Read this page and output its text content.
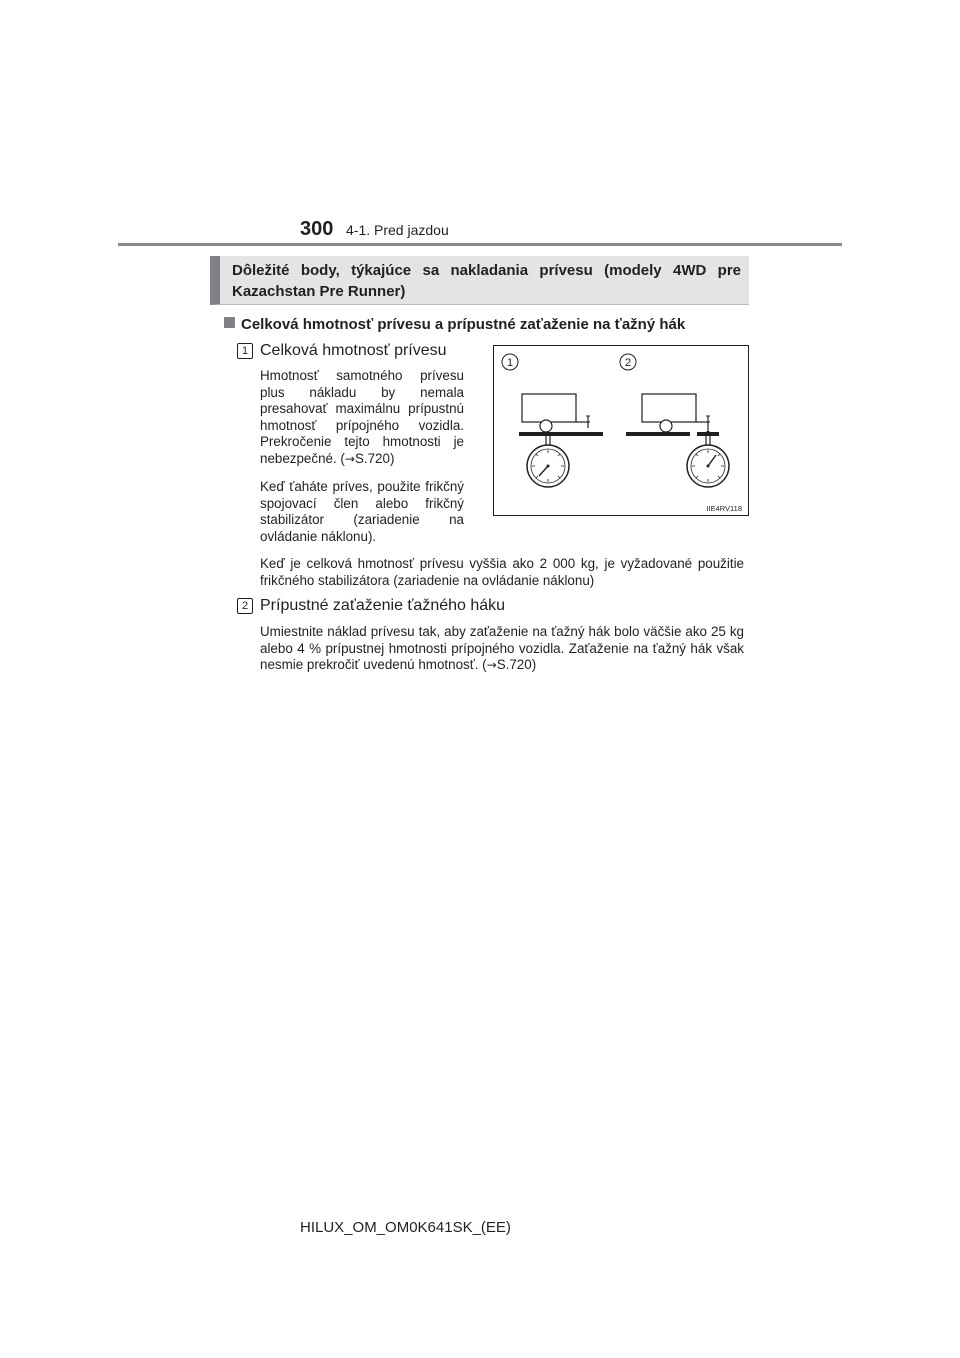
300 4-1. Pred jazdou
Dôležité body, týkajúce sa nakladania prívesu (modely 4WD pre Kazachstan Pre Runner)
Celková hmotnosť prívesu a prípustné zaťaženie na ťažný hák
1 Celková hmotnosť prívesu
Hmotnosť samotného prívesu plus nákladu by nemala presahovať maximálnu prípustnú hmotnosť prípojného vozidla. Prekročenie tejto hmotnosti je nebezpečné. (→S.720)
Keď ťaháte príves, použite frikčný spojovací člen alebo frikčný stabilizátor (zariadenie na ovládanie náklonu).
Keď je celková hmotnosť prívesu vyššia ako 2 000 kg, je vyžadované použitie frikčného stabilizátora (zariadenie na ovládanie náklonu)
1	2
IIE4RV118
2 Prípustné zaťaženie ťažného háku
Umiestnite náklad prívesu tak, aby zaťaženie na ťažný hák bolo väčšie ako 25 kg alebo 4 % prípustnej hmotnosti prípojného vozidla. Zaťaženie na ťažný hák však nesmie prekročiť uvedenú hmotnosť. (→S.720)
HILUX_OM_OM0K641SK_(EE)
